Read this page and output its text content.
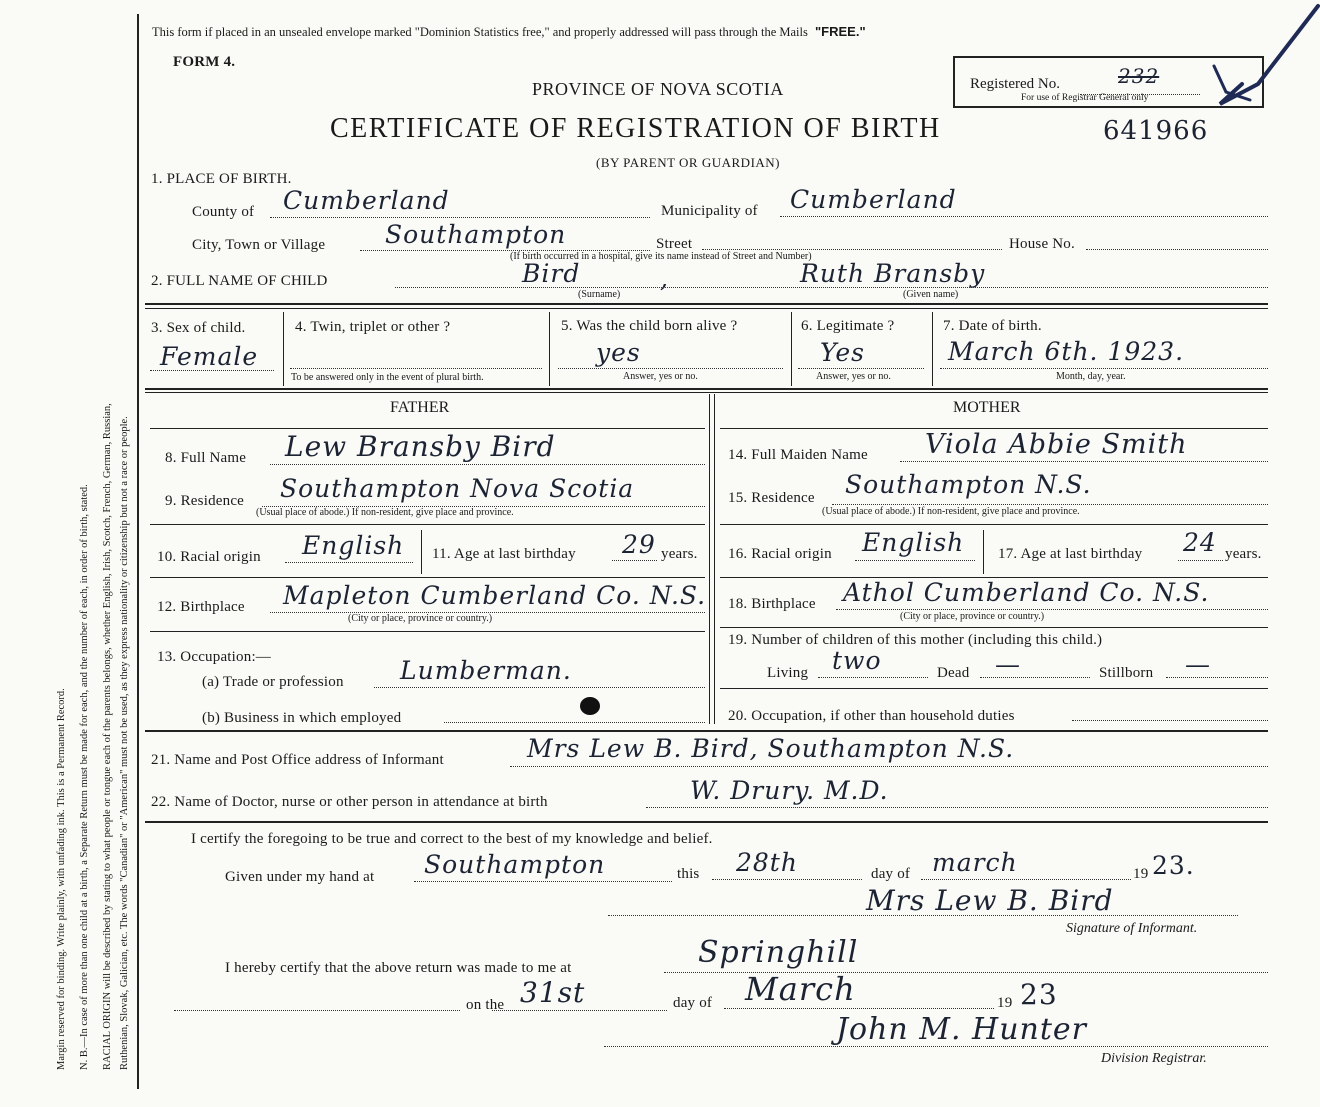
Margin reserved for binding. Write plainly, with unfading ink. This is a Permanent Record. N. B.—In case of more than one child at a birth, a Separate Return must be made for each, and the number of each, in order of birth, stated. RACIAL ORIGIN will be described by stating to what people or tongue each of the parents belongs, whether English, Irish, Scotch, French, German, Russian, Ruthenian, Slovak, Galician, etc. The words "Canadian" or "American" must not be used, as they express nationality or citizenship but not a race or people.
This form if placed in an unsealed envelope marked "Dominion Statistics free," and properly addressed will pass through the Mails "FREE."
FORM 4.
PROVINCE OF NOVA SCOTIA
CERTIFICATE OF REGISTRATION OF BIRTH	641966
(BY PARENT OR GUARDIAN)
Registered No.	232
For use of Registrar General only
1. PLACE OF BIRTH.
County of Cumberland	Municipality of Cumberland
City, Town or Village Southampton	Street	House No.
(If birth occurred in a hospital, give its name instead of Street and Number)
2. FULL NAME OF CHILD	Bird	,	Ruth Bransby
(Surname)	(Given name)
3. Sex of child.
Female
4. Twin, triplet or other ?
To be answered only in the event of plural birth.
5. Was the child born alive ?
yes
Answer, yes or no.
6. Legitimate ?
Yes
Answer, yes or no.
7. Date of birth.
March 6th. 1923.
Month, day, year.
FATHER	MOTHER
8. Full Name Lew Bransby Bird
9. Residence Southampton Nova Scotia
(Usual place of abode.) If non-resident, give place and province.
10. Racial origin English 11. Age at last birthday 29 years.
12. Birthplace Mapleton Cumberland Co. N.S.
(City or place, province or country.)
13. Occupation:—
(a) Trade or profession Lumberman.
(b) Business in which employed
14. Full Maiden Name Viola Abbie Smith
15. Residence Southampton N.S.
(Usual place of abode.) If non-resident, give place and province.
16. Racial origin English 17. Age at last birthday 24 years.
18. Birthplace Athol Cumberland Co. N.S.
(City or place, province or country.)
19. Number of children of this mother (including this child.)
Living two	Dead —	Stillborn —
20. Occupation, if other than household duties
21. Name and Post Office address of Informant	Mrs Lew B. Bird, Southampton N.S.
22. Name of Doctor, nurse or other person in attendance at birth	W. Drury. M.D.
I certify the foregoing to be true and correct to the best of my knowledge and belief.
Given under my hand at Southampton	this 28th	day of march	19 23.
Mrs Lew B. Bird
Signature of Informant.
I hereby certify that the above return was made to me at	Springhill
on the 31st	day of March	19 23
John M. Hunter
Division Registrar.
